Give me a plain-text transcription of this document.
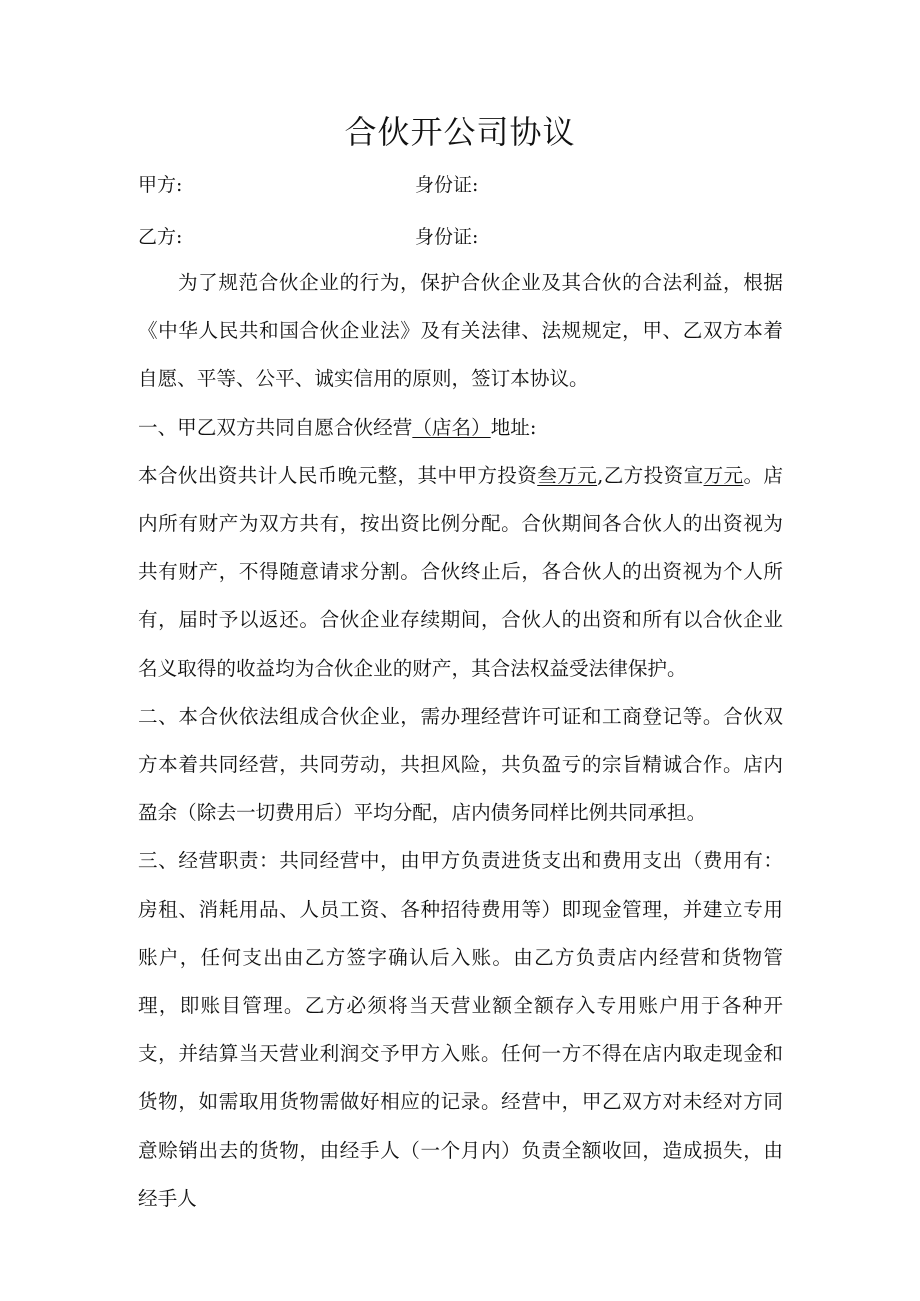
合伙开公司协议
甲方:	身份证:
乙方:	身份证:

为了规范合伙企业的行为，保护合伙企业及其合伙的合法利益，根据《中华人民共和国合伙企业法》及有关法律、法规规定，甲、乙双方本着自愿、平等、公平、诚实信用的原则，签订本协议。

一、甲乙双方共同自愿合伙经营（店名）地址:

本合伙出资共计人民币晚元整，其中甲方投资叁万元,乙方投资宣万元。店内所有财产为双方共有，按出资比例分配。合伙期间各合伙人的出资视为共有财产，不得随意请求分割。合伙终止后，各合伙人的出资视为个人所有，届时予以返还。合伙企业存续期间，合伙人的出资和所有以合伙企业名义取得的收益均为合伙企业的财产，其合法权益受法律保护。

二、本合伙依法组成合伙企业，需办理经营许可证和工商登记等。合伙双方本着共同经营，共同劳动，共担风险，共负盈亏的宗旨精诚合作。店内盈余（除去一切费用后）平均分配，店内债务同样比例共同承担。

三、经营职责：共同经营中，由甲方负责进货支出和费用支出（费用有：房租、消耗用品、人员工资、各种招待费用等）即现金管理，并建立专用账户，任何支出由乙方签字确认后入账。由乙方负责店内经营和货物管理，即账目管理。乙方必须将当天营业额全额存入专用账户用于各种开支，并结算当天营业利润交予甲方入账。任何一方不得在店内取走现金和货物，如需取用货物需做好相应的记录。经营中，甲乙双方对未经对方同意赊销出去的货物，由经手人（一个月内）负责全额收回，造成损失，由经手人
